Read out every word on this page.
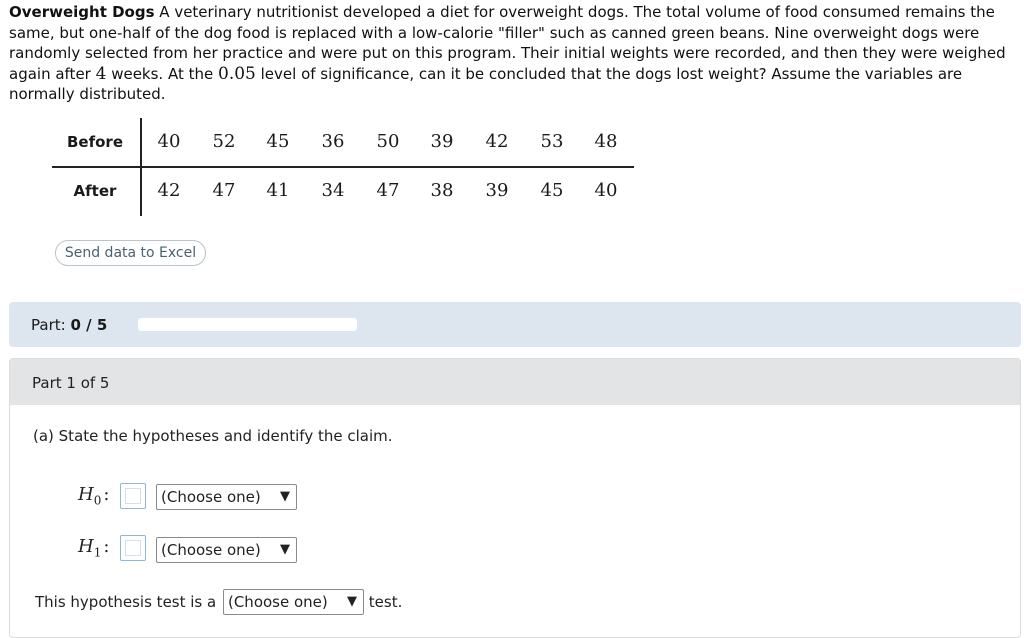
Overweight Dogs A veterinary nutritionist developed a diet for overweight dogs. The total volume of food consumed remains the same, but one-half of the dog food is replaced with a low-calorie "filler" such as canned green beans. Nine overweight dogs were randomly selected from her practice and were put on this program. Their initial weights were recorded, and then they were weighed again after 4 weeks. At the 0.05 level of significance, can it be concluded that the dogs lost weight? Assume the variables are normally distributed.
Before	40	52	45	36	50	39	42	53	48
After	42	47	41	34	47	38	39	45	40
Send data to Excel
Part: 0 / 5
Part 1 of 5
(a) State the hypotheses and identify the claim.
$H_0$ :	(Choose one) ▼
$H_1$ :	(Choose one) ▼
This hypothesis test is a (Choose one) ▼ test.
